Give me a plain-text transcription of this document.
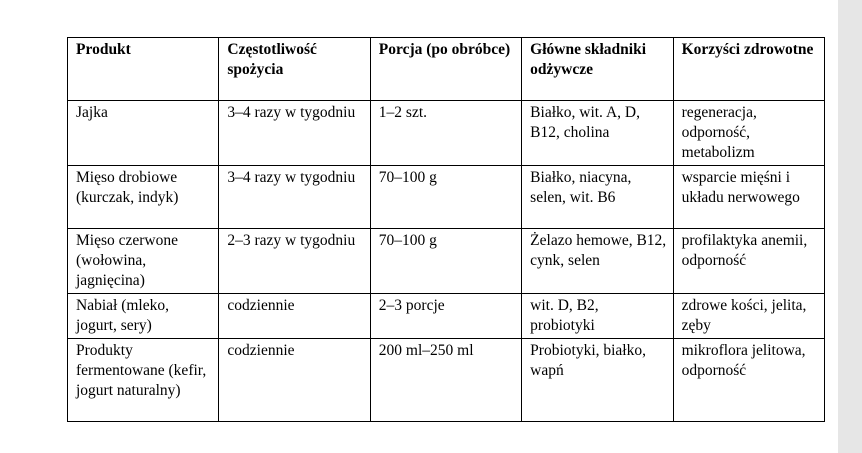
Produkt	Częstotliwość spożycia	Porcja (po obróbce)	Główne składniki odżywcze	Korzyści zdrowotne
Jajka	3–4 razy w tygodniu	1–2 szt.	Białko, wit. A, D, B12, cholina	regeneracja, odporność, metabolizm
Mięso drobiowe (kurczak, indyk)	3–4 razy w tygodniu	70–100 g	Białko, niacyna, selen, wit. B6	wsparcie mięśni i układu nerwowego
Mięso czerwone (wołowina, jagnięcina)	2–3 razy w tygodniu	70–100 g	Żelazo hemowe, B12, cynk, selen	profilaktyka anemii, odporność
Nabiał (mleko, jogurt, sery)	codziennie	2–3 porcje	wit. D, B2, probiotyki	zdrowe kości, jelita, zęby
Produkty fermentowane (kefir, jogurt naturalny)	codziennie	200 ml–250 ml	Probiotyki, białko, wapń	mikroflora jelitowa, odporność
